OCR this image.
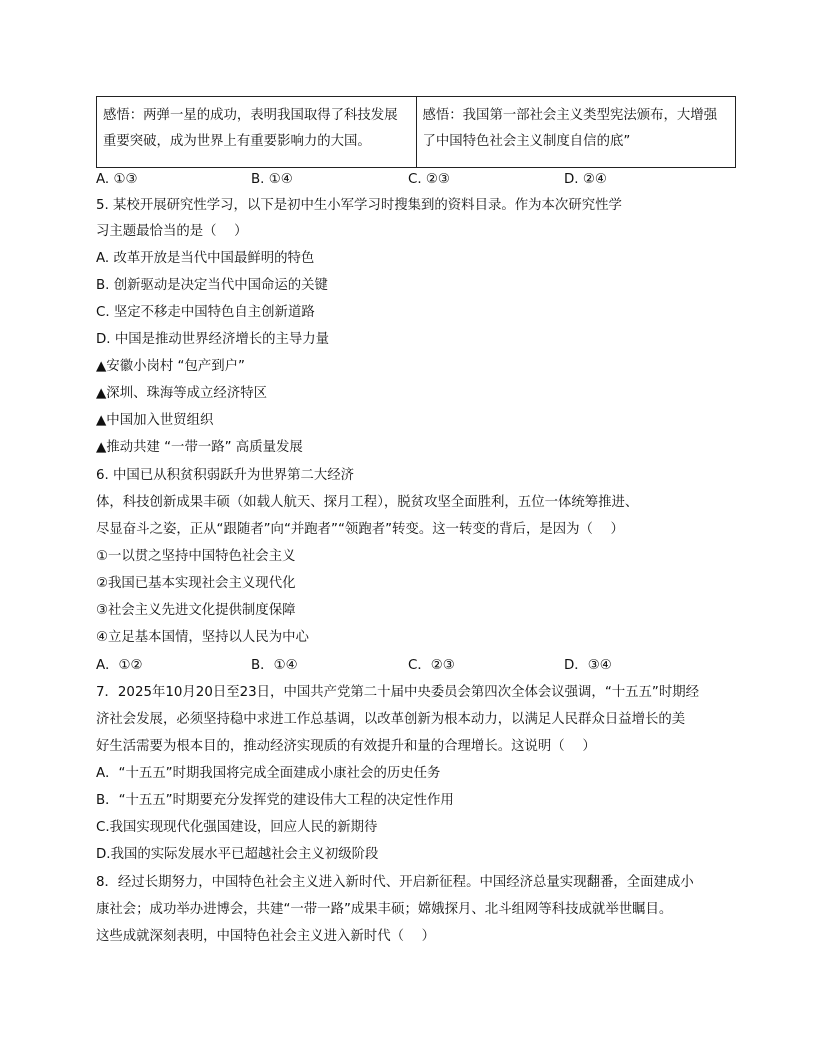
感悟：两弹一星的成功，表明我国取得了科技发展重要突破，成为世界上有重要影响力的大国。	感悟：我国第一部社会主义类型宪法颁布，大增强了中国特色社会主义制度自信的底”
A. ①③	B. ①④	C. ②③	D. ②④
5. 某校开展研究性学习，以下是初中生小军学习时搜集到的资料目录。作为本次研究性学
习主题最恰当的是（　 ）
A. 改革开放是当代中国最鲜明的特色
B. 创新驱动是决定当代中国命运的关键
C. 坚定不移走中国特色自主创新道路
D. 中国是推动世界经济增长的主导力量
▲安徽小岗村 “包产到户”
▲深圳、珠海等成立经济特区
▲中国加入世贸组织
▲推动共建 “一带一路” 高质量发展
6. 中国已从积贫积弱跃升为世界第二大经济
体，科技创新成果丰硕（如载人航天、探月工程），脱贫攻坚全面胜利，五位一体统筹推进、
尽显奋斗之姿，正从“跟随者”向“并跑者”“领跑者”转变。这一转变的背后，是因为（　 ）
①一以贯之坚持中国特色社会主义
②我国已基本实现社会主义现代化
③社会主义先进文化提供制度保障
④立足基本国情，坚持以人民为中心
A．①②	B．①④	C．②③	D．③④
7．2025年10月20日至23日，中国共产党第二十届中央委员会第四次全体会议强调，“十五五”时期经
济社会发展，必须坚持稳中求进工作总基调，以改革创新为根本动力，以满足人民群众日益增长的美
好生活需要为根本目的，推动经济实现质的有效提升和量的合理增长。这说明（　 ）
A．“十五五”时期我国将完成全面建成小康社会的历史任务
B．“十五五”时期要充分发挥党的建设伟大工程的决定性作用
C.我国实现现代化强国建设，回应人民的新期待
D.我国的实际发展水平已超越社会主义初级阶段
8．经过长期努力，中国特色社会主义进入新时代、开启新征程。中国经济总量实现翻番，全面建成小
康社会；成功举办进博会，共建“一带一路”成果丰硕；嫦娥探月、北斗组网等科技成就举世瞩目。
这些成就深刻表明，中国特色社会主义进入新时代（　 ）
